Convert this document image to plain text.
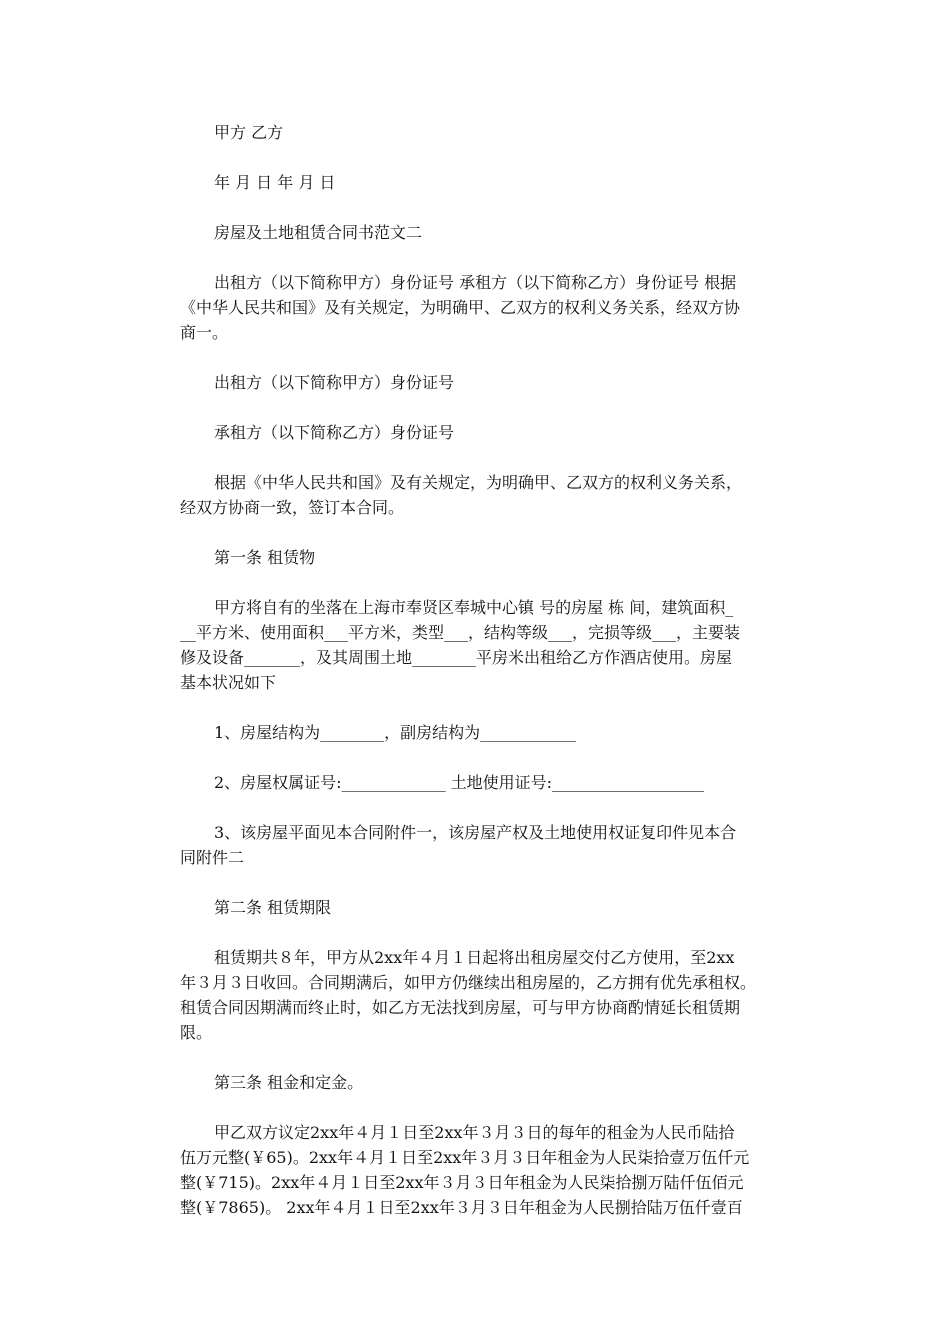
甲方 乙方
年 月 日 年 月 日
房屋及土地租赁合同书范文二
出租方（以下简称甲方）身份证号 承租方（以下简称乙方）身份证号 根据
《中华人民共和国》及有关规定，为明确甲、乙双方的权利义务关系，经双方协
商一。
出租方（以下简称甲方）身份证号
承租方（以下简称乙方）身份证号
根据《中华人民共和国》及有关规定，为明确甲、乙双方的权利义务关系，
经双方协商一致，签订本合同。
第一条 租赁物
甲方将自有的坐落在上海市奉贤区奉城中心镇 号的房屋 栋 间，建筑面积_
__平方米、使用面积___平方米，类型___，结构等级___，完损等级___，主要装
修及设备_______，及其周围土地________平房米出租给乙方作酒店使用。房屋
基本状况如下
1、房屋结构为________，副房结构为____________
2、房屋权属证号:_____________ 土地使用证号:___________________
3、该房屋平面见本合同附件一，该房屋产权及土地使用权证复印件见本合
同附件二
第二条 租赁期限
租赁期共８年，甲方从2xx年４月１日起将出租房屋交付乙方使用，至2xx
年３月３日收回。合同期满后，如甲方仍继续出租房屋的，乙方拥有优先承租权。
租赁合同因期满而终止时，如乙方无法找到房屋，可与甲方协商酌情延长租赁期
限。
第三条 租金和定金。
甲乙双方议定2xx年４月１日至2xx年３月３日的每年的租金为人民币陆拾
伍万元整(￥65)。2xx年４月１日至2xx年３月３日年租金为人民柒拾壹万伍仟元
整(￥715)。2xx年４月１日至2xx年３月３日年租金为人民柒拾捌万陆仟伍佰元
整(￥7865)。 2xx年４月１日至2xx年３月３日年租金为人民捌拾陆万伍仟壹百
